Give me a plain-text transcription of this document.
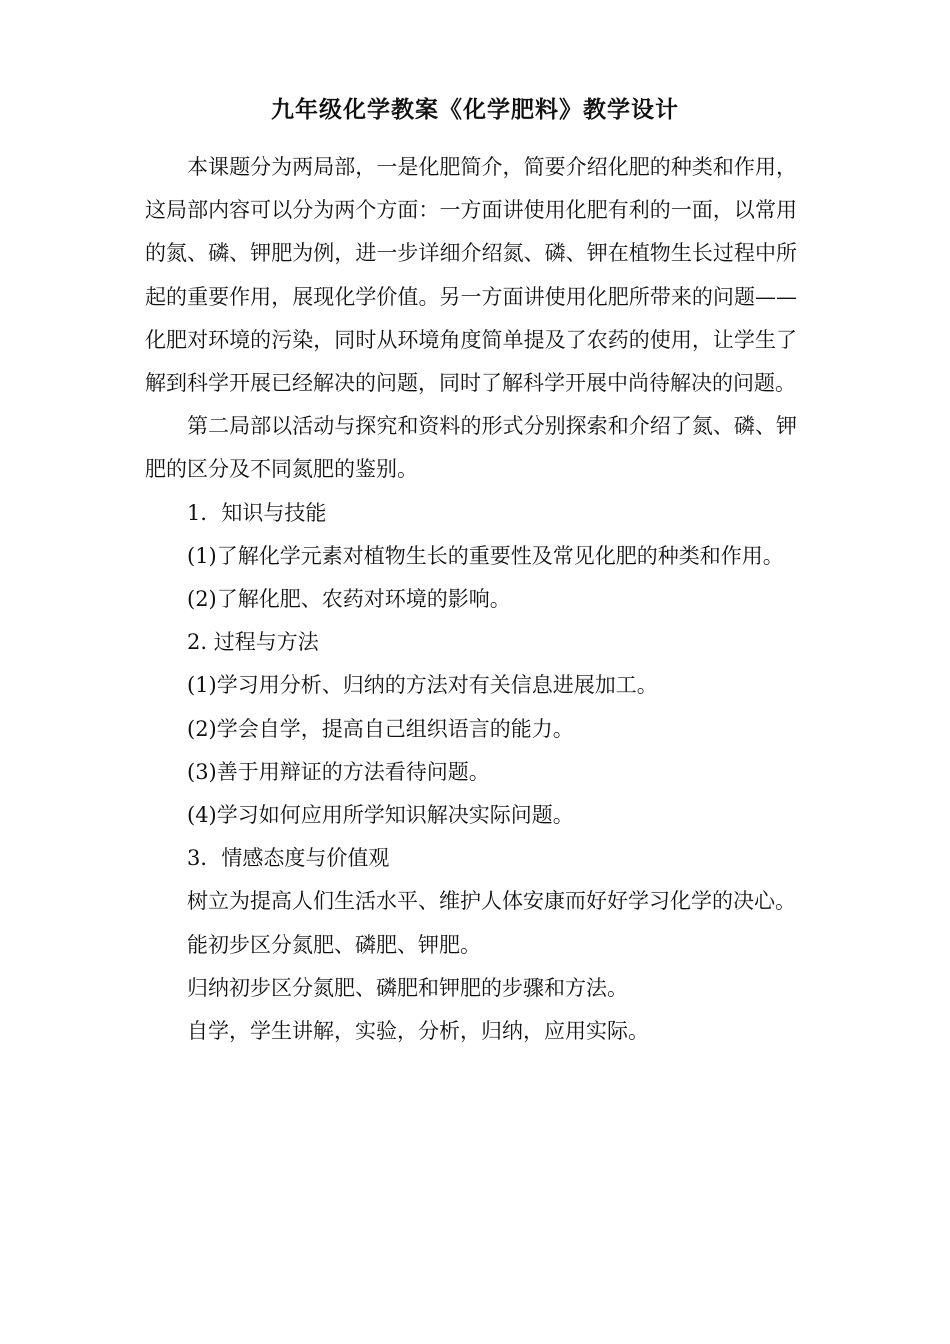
九年级化学教案《化学肥料》教学设计

本课题分为两局部，一是化肥简介，简要介绍化肥的种类和作用，这局部内容可以分为两个方面：一方面讲使用化肥有利的一面，以常用的氮、磷、钾肥为例，进一步详细介绍氮、磷、钾在植物生长过程中所起的重要作用，展现化学价值。另一方面讲使用化肥所带来的问题——化肥对环境的污染，同时从环境角度简单提及了农药的使用，让学生了解到科学开展已经解决的问题，同时了解科学开展中尚待解决的问题。

第二局部以活动与探究和资料的形式分别探索和介绍了氮、磷、钾肥的区分及不同氮肥的鉴别。

1．知识与技能

(1)了解化学元素对植物生长的重要性及常见化肥的种类和作用。

(2)了解化肥、农药对环境的影响。

2. 过程与方法

(1)学习用分析、归纳的方法对有关信息进展加工。

(2)学会自学，提高自己组织语言的能力。

(3)善于用辩证的方法看待问题。

(4)学习如何应用所学知识解决实际问题。

3．情感态度与价值观

树立为提高人们生活水平、维护人体安康而好好学习化学的决心。

能初步区分氮肥、磷肥、钾肥。

归纳初步区分氮肥、磷肥和钾肥的步骤和方法。

自学，学生讲解，实验，分析，归纳，应用实际。
